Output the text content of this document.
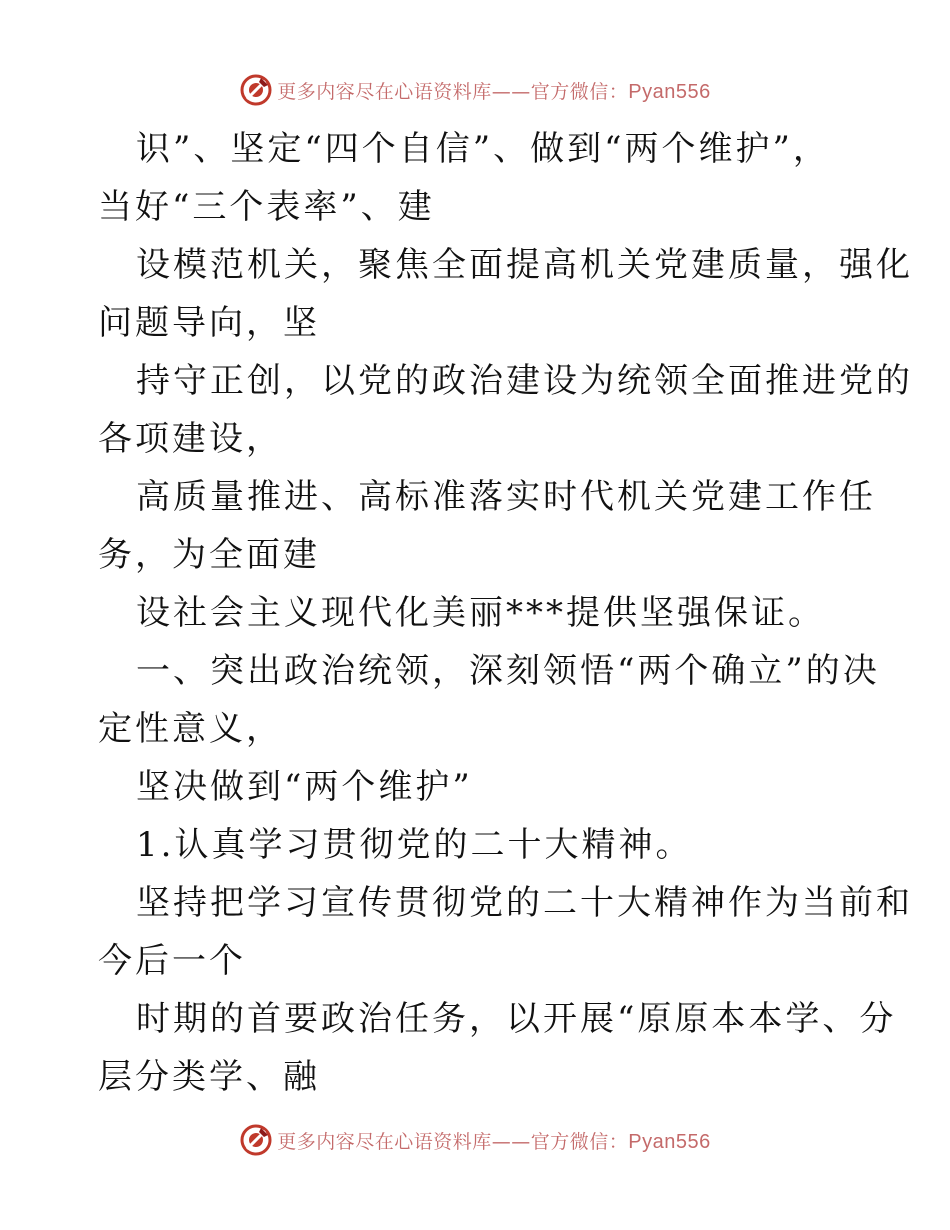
更多内容尽在心语资料库——官方微信：Pyan556
识”、坚定“四个自信”、做到“两个维护”，
当好“三个表率”、建
设模范机关，聚焦全面提高机关党建质量，强化
问题导向，坚
持守正创，以党的政治建设为统领全面推进党的
各项建设，
高质量推进、高标准落实时代机关党建工作任
务，为全面建
设社会主义现代化美丽***提供坚强保证。
一、突出政治统领，深刻领悟“两个确立”的决
定性意义，
坚决做到“两个维护”
1.认真学习贯彻党的二十大精神。
坚持把学习宣传贯彻党的二十大精神作为当前和
今后一个
时期的首要政治任务，以开展“原原本本学、分
层分类学、融
更多内容尽在心语资料库——官方微信：Pyan556
